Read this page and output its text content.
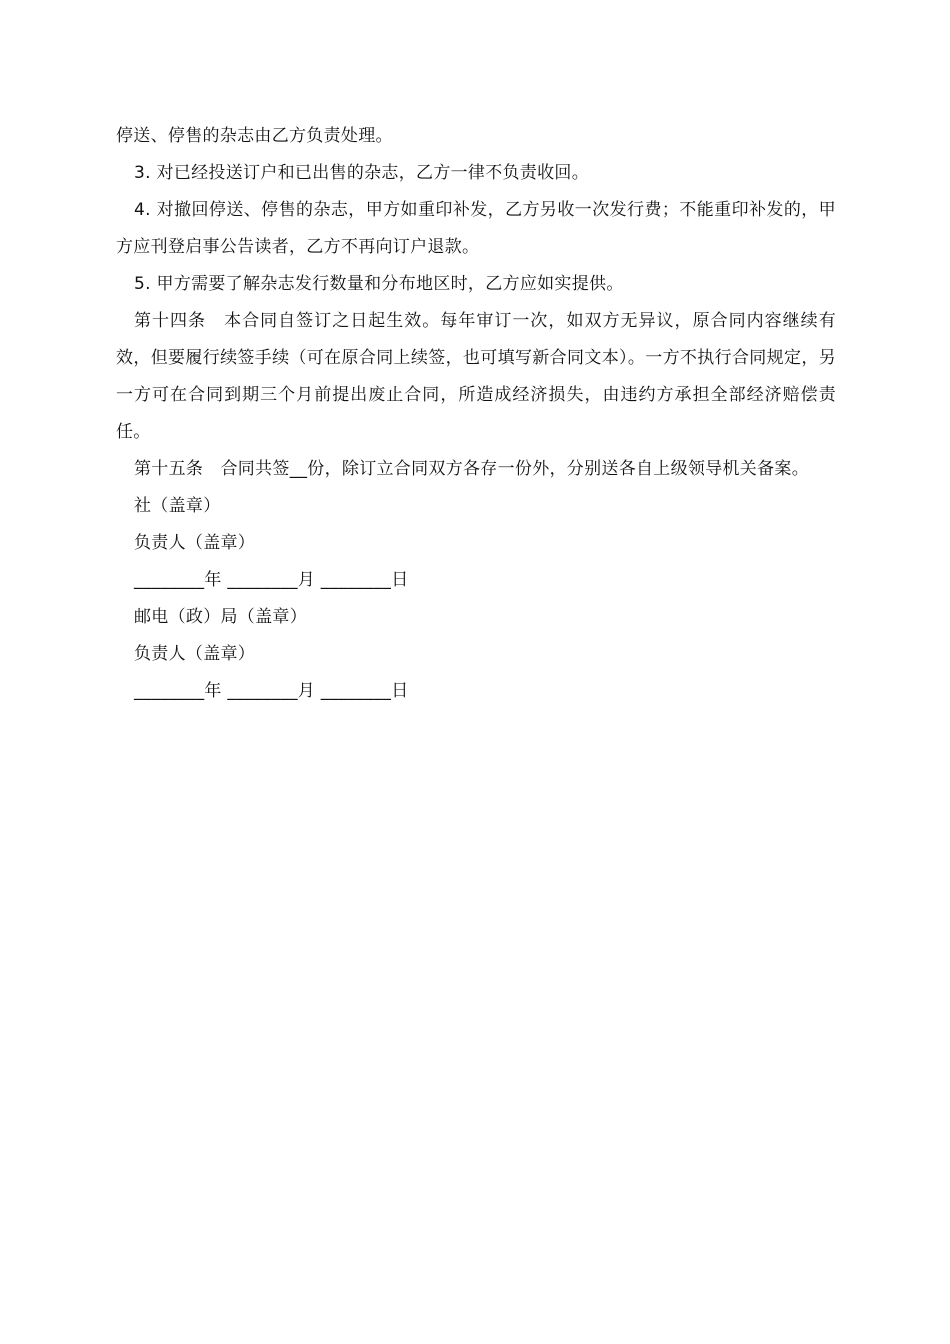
停送、停售的杂志由乙方负责处理。

3. 对已经投送订户和已出售的杂志，乙方一律不负责收回。

4. 对撤回停送、停售的杂志，甲方如重印补发，乙方另收一次发行费；不能重印补发的，甲方应刊登启事公告读者，乙方不再向订户退款。

5. 甲方需要了解杂志发行数量和分布地区时，乙方应如实提供。

第十四条　本合同自签订之日起生效。每年审订一次，如双方无异议，原合同内容继续有效，但要履行续签手续（可在原合同上续签，也可填写新合同文本）。一方不执行合同规定，另一方可在合同到期三个月前提出废止合同，所造成经济损失，由违约方承担全部经济赔偿责任。

第十五条　合同共签__份，除订立合同双方各存一份外，分别送各自上级领导机关备案。

社（盖章）
负责人（盖章）
________年 ________月 ________日
邮电（政）局（盖章）
负责人（盖章）
________年 ________月 ________日
